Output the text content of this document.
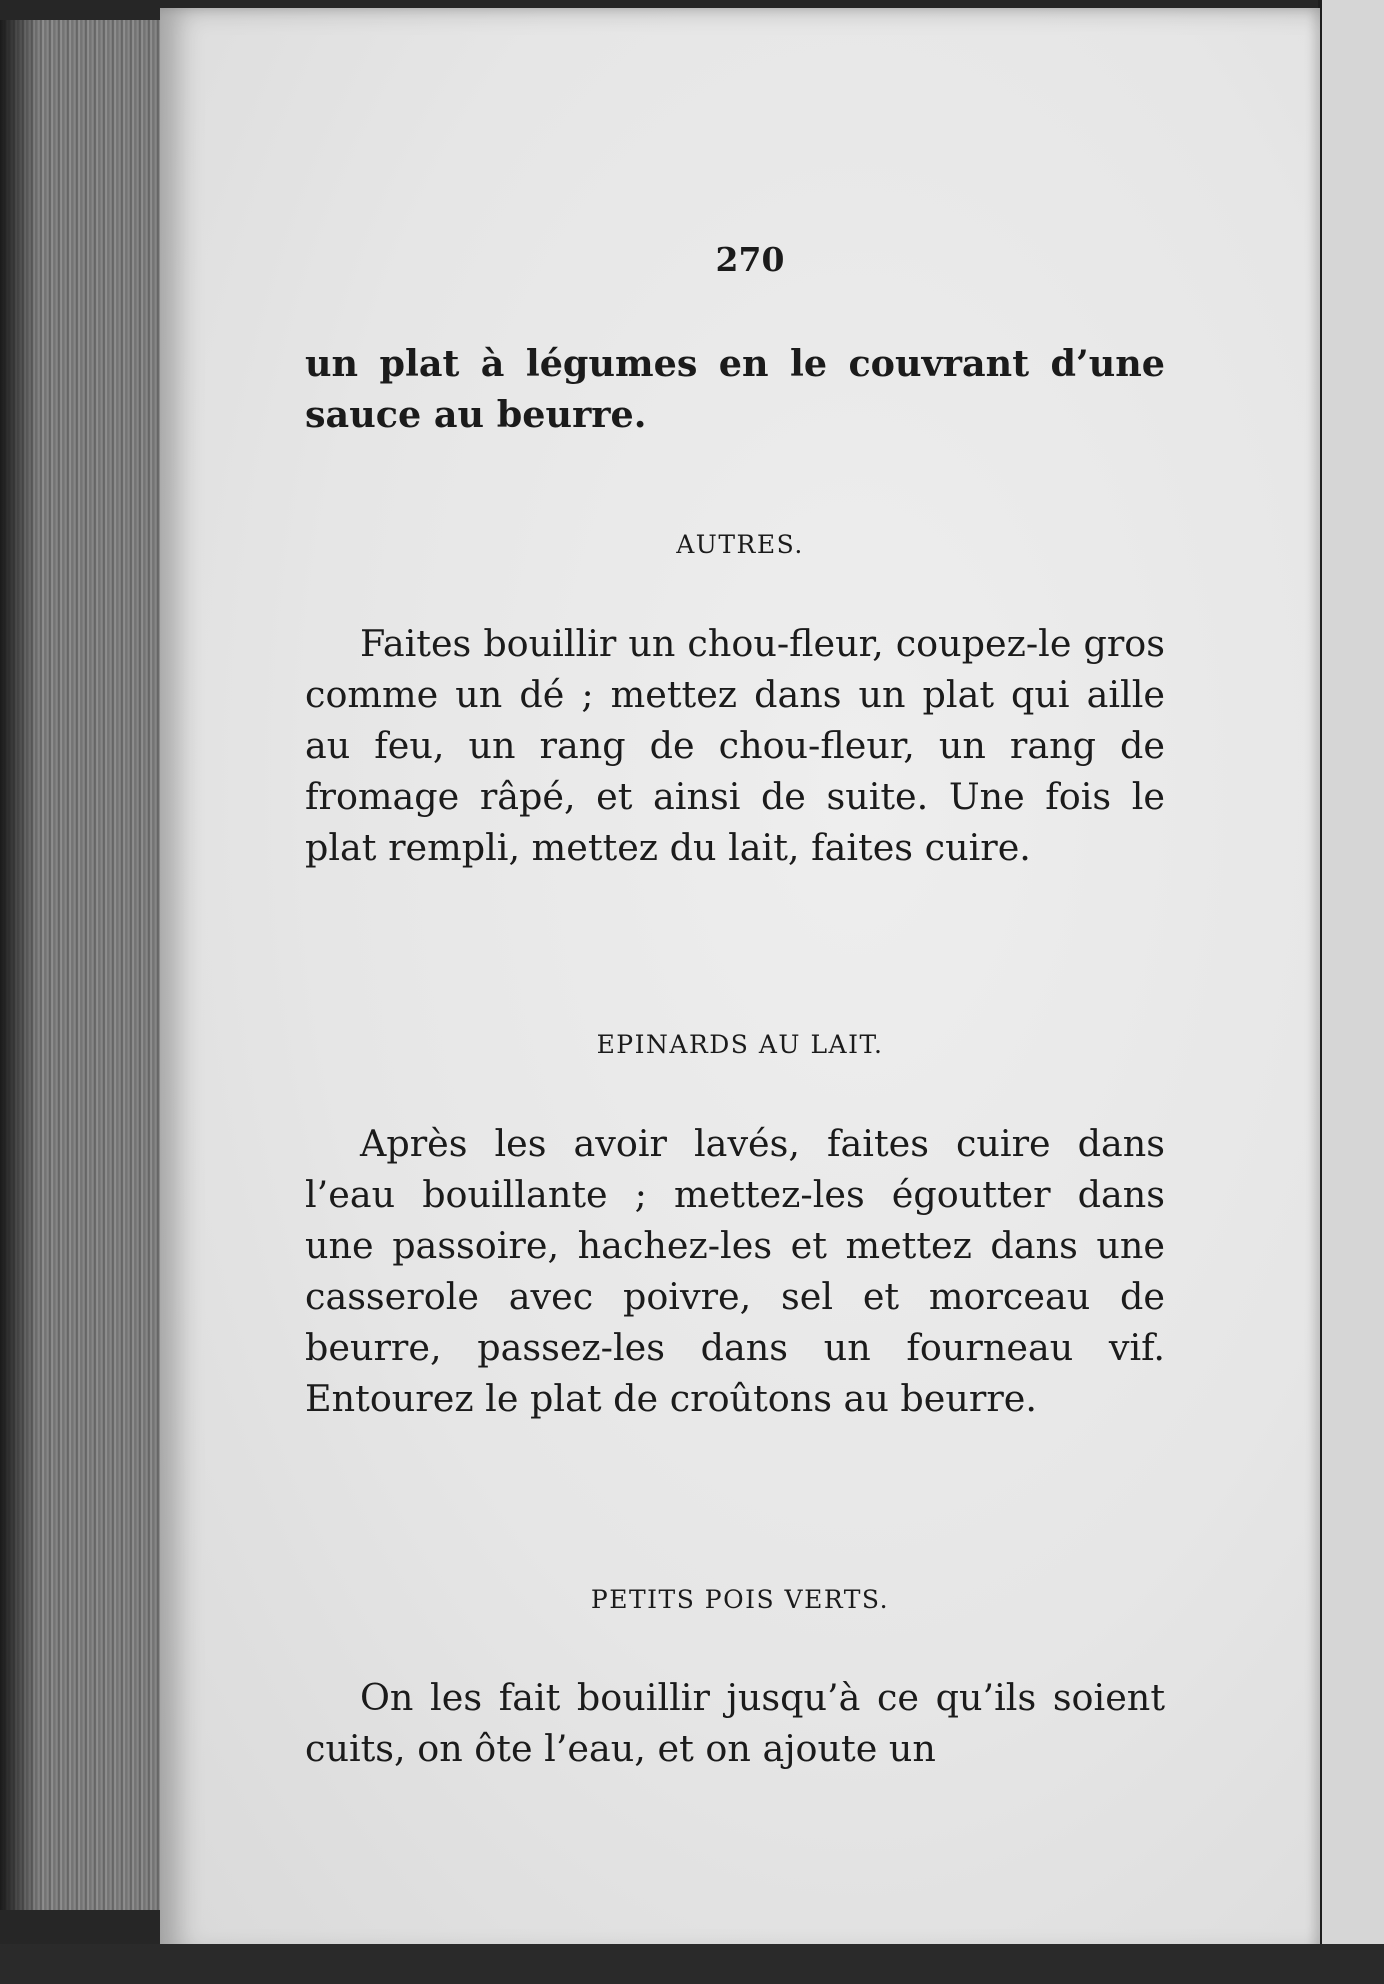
270
un plat à légumes en le couvrant d’une sauce au beurre.
AUTRES.
Faites bouillir un chou-fleur, coupez-le gros comme un dé ; mettez dans un plat qui aille au feu, un rang de chou-fleur, un rang de fromage râpé, et ainsi de suite. Une fois le plat rempli, mettez du lait, faites cuire.
EPINARDS AU LAIT.
Après les avoir lavés, faites cuire dans l’eau bouillante ; mettez-les égoutter dans une passoire, hachez-les et mettez dans une casserole avec poivre, sel et morceau de beurre, passez-les dans un fourneau vif. Entourez le plat de croûtons au beurre.
PETITS POIS VERTS.
On les fait bouillir jusqu’à ce qu’ils soient cuits, on ôte l’eau, et on ajoute un
